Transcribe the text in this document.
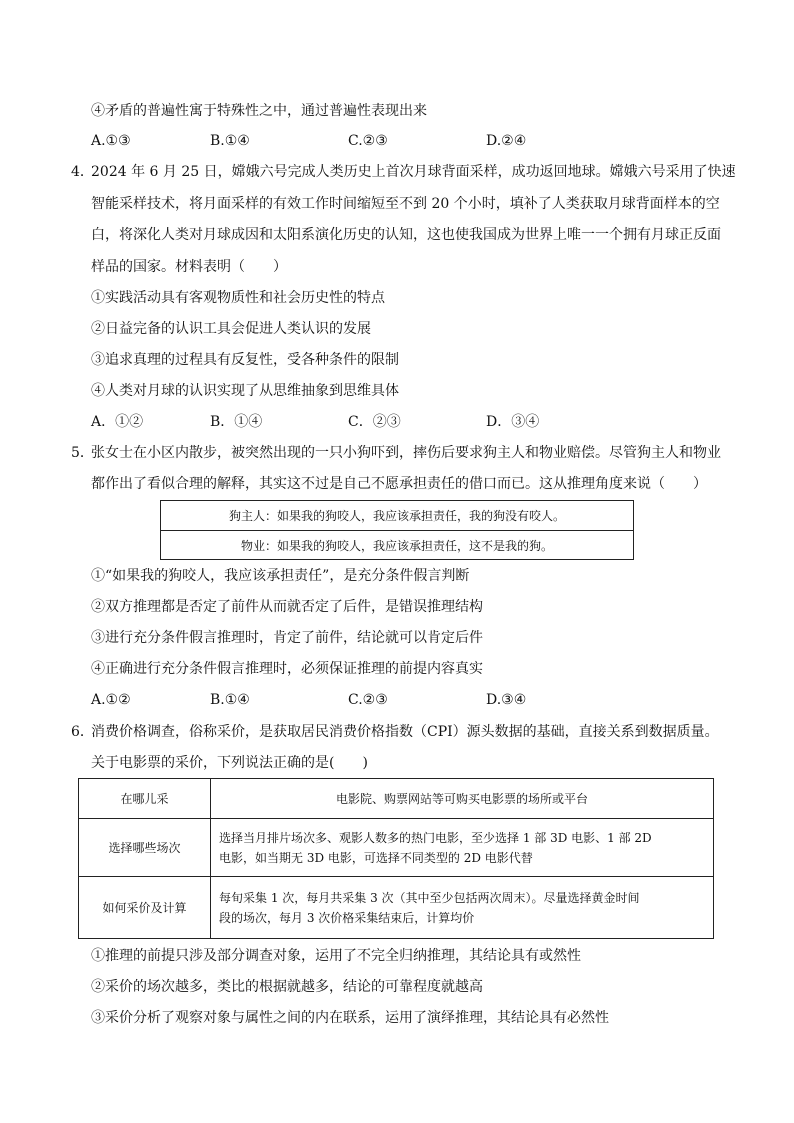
④矛盾的普遍性寓于特殊性之中，通过普遍性表现出来
A.①③	B.①④	C.②③	D.②④
4．
2024 年 6 月 25 日，嫦娥六号完成人类历史上首次月球背面采样，成功返回地球。嫦娥六号采用了快速
智能采样技术，将月面采样的有效工作时间缩短至不到 20 个小时，填补了人类获取月球背面样本的空
白，将深化人类对月球成因和太阳系演化历史的认知，这也使我国成为世界上唯一一个拥有月球正反面
样品的国家。材料表明（　　）
①实践活动具有客观物质性和社会历史性的特点
②日益完备的认识工具会促进人类认识的发展
③追求真理的过程具有反复性，受各种条件的限制
④人类对月球的认识实现了从思维抽象到思维具体
A．①②	B．①④	C．②③	D．③④
5．
张女士在小区内散步，被突然出现的一只小狗吓到，摔伤后要求狗主人和物业赔偿。尽管狗主人和物业
都作出了看似合理的解释，其实这不过是自己不愿承担责任的借口而已。这从推理角度来说（　　）
狗主人：如果我的狗咬人，我应该承担责任，我的狗没有咬人。
物业：如果我的狗咬人，我应该承担责任，这不是我的狗。
①“如果我的狗咬人，我应该承担责任”，是充分条件假言判断
②双方推理都是否定了前件从而就否定了后件，是错误推理结构
③进行充分条件假言推理时，肯定了前件，结论就可以肯定后件
④正确进行充分条件假言推理时，必须保证推理的前提内容真实
A.①②	B.①④	C.②③	D.③④
6．
消费价格调查，俗称采价，是获取居民消费价格指数（CPI）源头数据的基础，直接关系到数据质量。
关于电影票的采价，下列说法正确的是(　　)
在哪儿采	电影院、购票网站等可购买电影票的场所或平台
选择哪些场次	选择当月排片场次多、观影人数多的热门电影，至少选择 1 部 3D 电影、1 部 2D
电影，如当期无 3D 电影，可选择不同类型的 2D 电影代替

如何采价及计算	每旬采集 1 次，每月共采集 3 次（其中至少包括两次周末）。尽量选择黄金时间
段的场次，每月 3 次价格采集结束后，计算均价
①推理的前提只涉及部分调查对象，运用了不完全归纳推理，其结论具有或然性
②采价的场次越多，类比的根据就越多，结论的可靠程度就越高
③采价分析了观察对象与属性之间的内在联系，运用了演绎推理，其结论具有必然性
